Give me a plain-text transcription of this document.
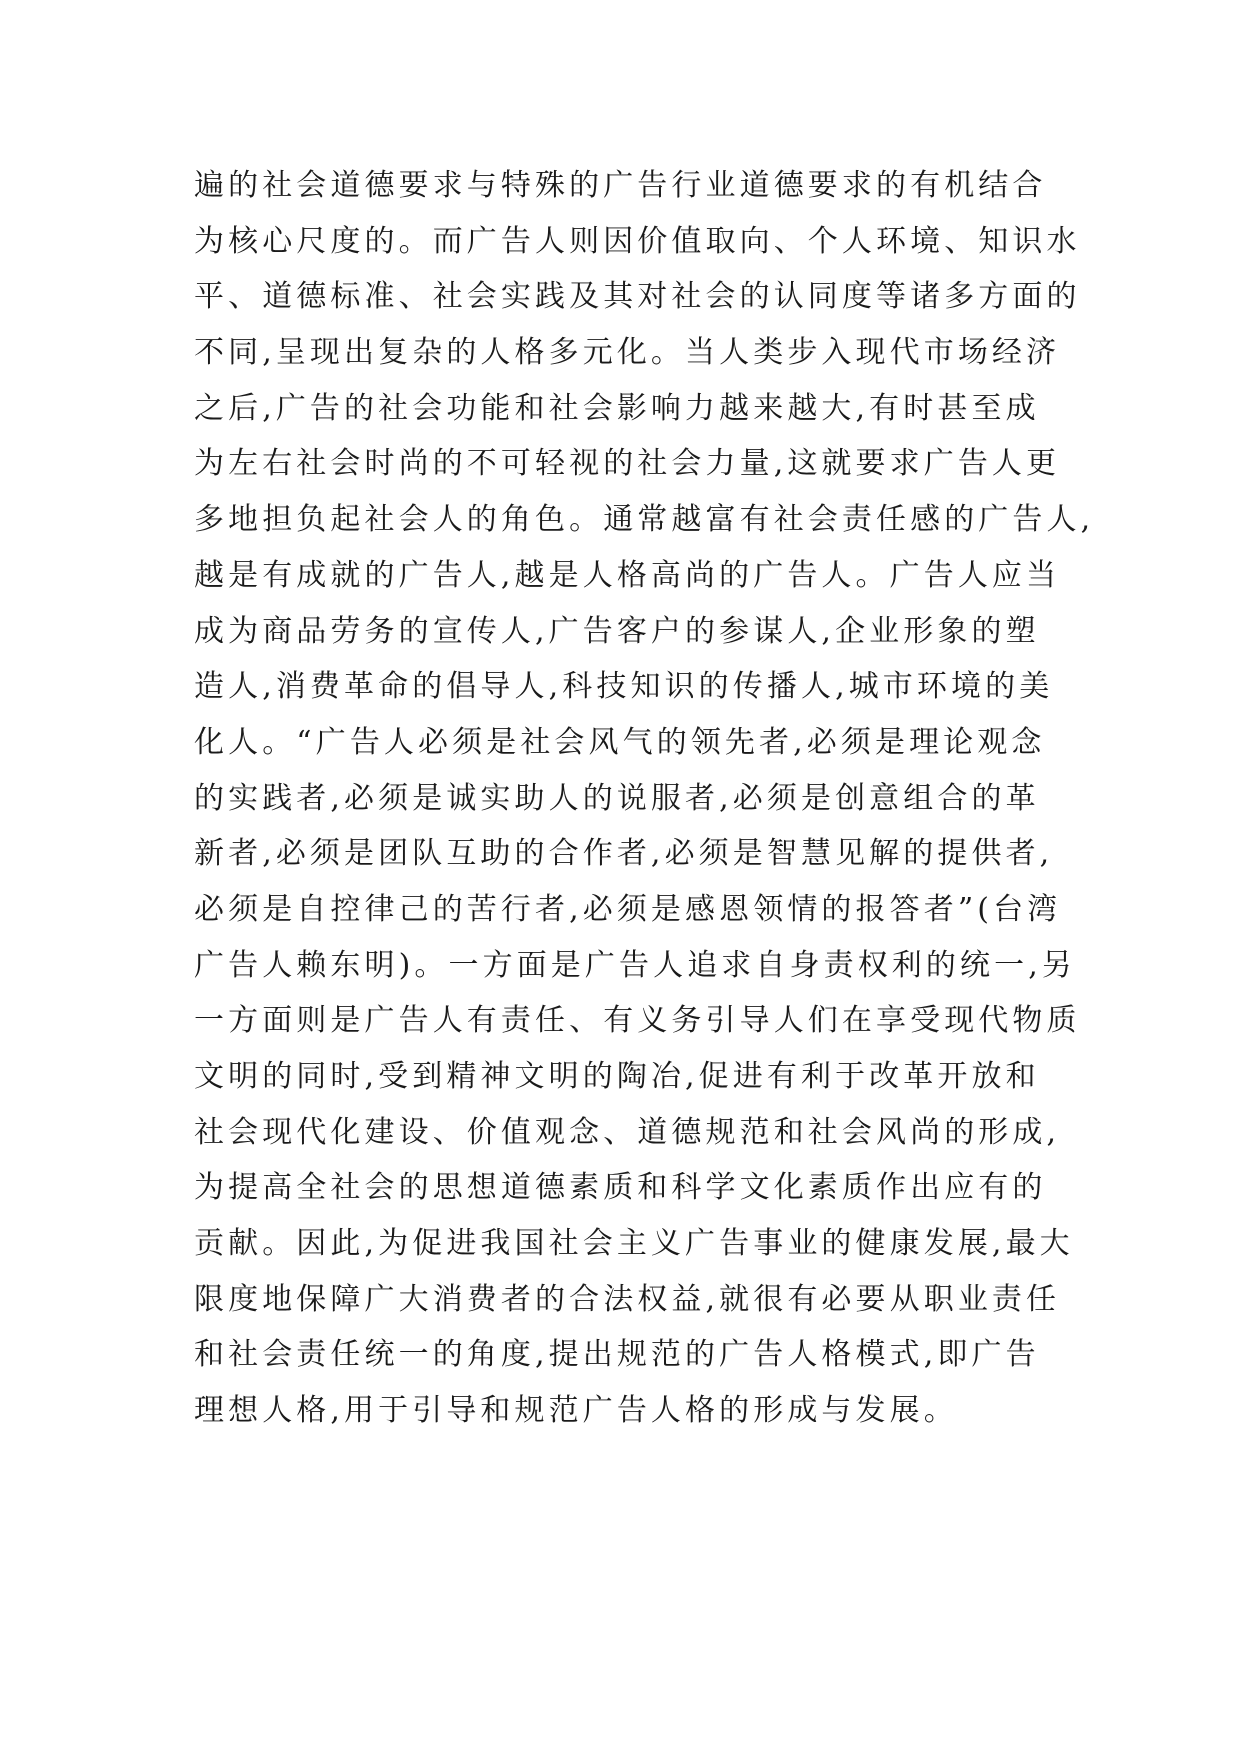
遍的社会道德要求与特殊的广告行业道德要求的有机结合
为核心尺度的。而广告人则因价值取向、个人环境、知识水
平、道德标准、社会实践及其对社会的认同度等诸多方面的
不同,呈现出复杂的人格多元化。当人类步入现代市场经济
之后,广告的社会功能和社会影响力越来越大,有时甚至成
为左右社会时尚的不可轻视的社会力量,这就要求广告人更
多地担负起社会人的角色。通常越富有社会责任感的广告人,
越是有成就的广告人,越是人格高尚的广告人。广告人应当
成为商品劳务的宣传人,广告客户的参谋人,企业形象的塑
造人,消费革命的倡导人,科技知识的传播人,城市环境的美
化人。“广告人必须是社会风气的领先者,必须是理论观念
的实践者,必须是诚实助人的说服者,必须是创意组合的革
新者,必须是团队互助的合作者,必须是智慧见解的提供者,
必须是自控律己的苦行者,必须是感恩领情的报答者”(台湾
广告人赖东明)。一方面是广告人追求自身责权利的统一,另
一方面则是广告人有责任、有义务引导人们在享受现代物质
文明的同时,受到精神文明的陶冶,促进有利于改革开放和
社会现代化建设、价值观念、道德规范和社会风尚的形成,
为提高全社会的思想道德素质和科学文化素质作出应有的
贡献。因此,为促进我国社会主义广告事业的健康发展,最大
限度地保障广大消费者的合法权益,就很有必要从职业责任
和社会责任统一的角度,提出规范的广告人格模式,即广告
理想人格,用于引导和规范广告人格的形成与发展。
